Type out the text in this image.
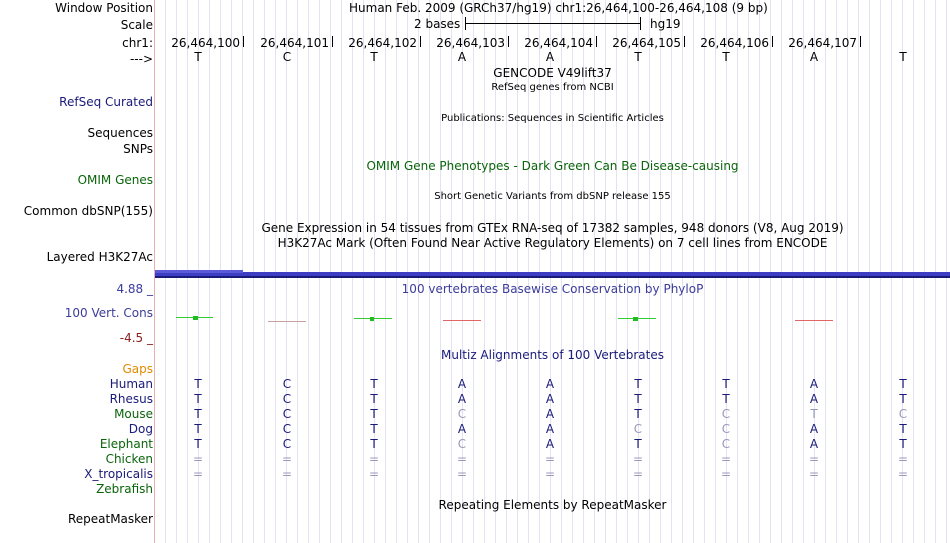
Window Position	Human Feb. 2009 (GRCh37/hg19) chr1:26,464,100-26,464,108 (9 bp)
Scale	2 bases	hg19
chr1: 26,464,100 26,464,101 26,464,102 26,464,103 26,464,104 26,464,105 26,464,106 26,464,107
--->	T	C	T	A	A	T	T	A	T
GENCODE V49lift37
RefSeq genes from NCBI
RefSeq Curated
Publications: Sequences in Scientific Articles
Sequences
SNPs
OMIM Gene Phenotypes - Dark Green Can Be Disease-causing
OMIM Genes
Short Genetic Variants from dbSNP release 155
Common dbSNP(155)
Gene Expression in 54 tissues from GTEx RNA-seq of 17382 samples, 948 donors (V8, Aug 2019)
H3K27Ac Mark (Often Found Near Active Regulatory Elements) on 7 cell lines from ENCODE
Layered H3K27Ac
4.88 _	100 vertebrates Basewise Conservation by PhyloP
100 Vert. Cons
-4.5 _
Multiz Alignments of 100 Vertebrates
Gaps
Human	T	C	T	A	A	T	T	A	T
Rhesus	T	C	T	A	A	T	T	A	T
Mouse	T	C	T	C	A	T	C	T	C
Dog	T	C	T	A	A	C	C	A	T
Elephant	T	C	T	C	A	T	C	A	T
Chicken	=	=	=	=	=	=	=	=	=
X_tropicalis	=	=	=	=	=	=	=	=	=
Zebrafish
Repeating Elements by RepeatMasker
RepeatMasker
